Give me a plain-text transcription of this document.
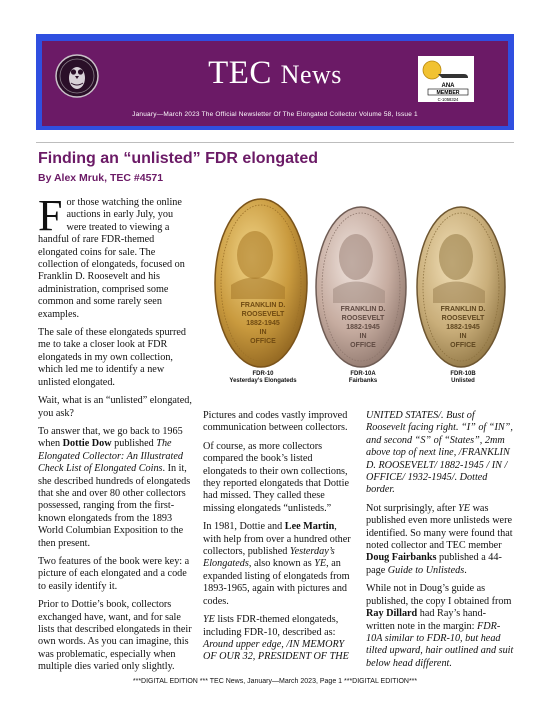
TEC News	ANA
MEMBER
C-1058324
January—March 2023 The Official Newsletter Of The Elongated Collector Volume 58, Issue 1
Finding an “unlisted” FDR elongated
By Alex Mruk, TEC #4571

For those watching the online auctions in early July, you were treated to viewing a handful of rare FDR-themed elongated coins for sale. The collection of elongateds, focused on Franklin D. Roosevelt and his administration, comprised some common and some rarely seen examples.

The sale of these elongateds spurred me to take a closer look at FDR elongateds in my own collection, which led me to identify a new unlisted elongated.

Wait, what is an “unlisted” elongated, you ask?

To answer that, we go back to 1965 when Dottie Dow published The Elongated Collector: An Illustrated Check List of Elongated Coins. In it, she described hundreds of elongateds that she and over 80 other collectors possessed, ranging from the first-known elongateds from the 1893 World Columbian Exposition to the then present.

Two features of the book were key: a picture of each elongated and a code to easily identify it.

Prior to Dottie’s book, collectors exchanged have, want, and for sale lists that described elongateds in their own words. As you can imagine, this was problematic, especially when multiple dies varied only slightly.

FRANKLIN D.
ROOSEVELT
1882-1945
IN
OFFICE
FRANKLIN D.
ROOSEVELT
1882-1945
IN
OFFICE
FRANKLIN D.
ROOSEVELT
1882-1945
IN
OFFICE
FDR-10
Yesterday’s Elongateds
FDR-10A
Fairbanks
FDR-10B
Unlisted

Pictures and codes vastly improved communication between collectors.

Of course, as more collectors compared the book’s listed elongateds to their own collections, they reported elongateds that Dottie had missed. They called these missing elongateds “unlisteds.”

In 1981, Dottie and Lee Martin, with help from over a hundred other collectors, published Yesterday’s Elongateds, also known as YE, an expanded listing of elongateds from 1893-1965, again with pictures and codes.

YE lists FDR-themed elongateds, including FDR-10, described as: Around upper edge, /IN MEMORY OF OUR 32, PRESIDENT OF THE

UNITED STATES/. Bust of Roosevelt facing right. “I” of “IN”, and second “S” of “States”, 2mm above top of next line, /FRANKLIN D. ROOSEVELT/ 1882-1945 / IN / OFFICE/ 1932-1945/. Dotted border.

Not surprisingly, after YE was published even more unlisteds were identified. So many were found that noted collector and TEC member Doug Fairbanks published a 44-page Guide to Unlisteds.

While not in Doug’s guide as published, the copy I obtained from Ray Dillard had Ray’s hand-written note in the margin: FDR-10A similar to FDR-10, but head tilted upward, hair outlined and suit below head different.

***DIGITAL EDITION *** TEC News, January—March 2023, Page 1 ***DIGITAL EDITION***
